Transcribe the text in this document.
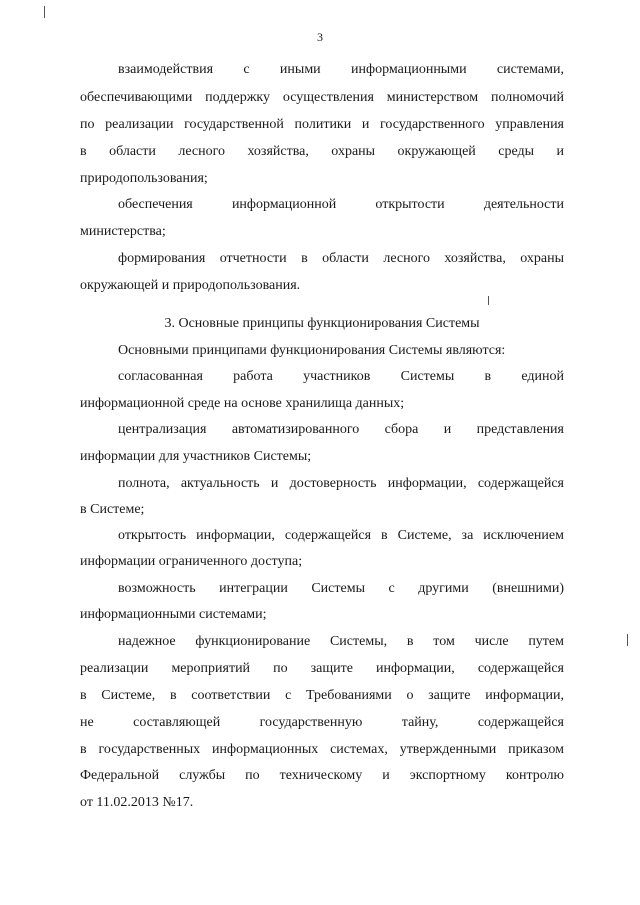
3
взаимодействия с иными информационными системами,
обеспечивающими поддержку осуществления министерством полномочий
по реализации государственной политики и государственного управления
в области лесного хозяйства, охраны окружающей среды и
природопользования;
обеспечения информационной открытости деятельности
министерства;
формирования отчетности в области лесного хозяйства, охраны
окружающей и природопользования.
3. Основные принципы функционирования Системы
Основными принципами функционирования Системы являются:
согласованная работа участников Системы в единой
информационной среде на основе хранилища данных;
централизация автоматизированного сбора и представления
информации для участников Системы;
полнота, актуальность и достоверность информации, содержащейся
в Системе;
открытость информации, содержащейся в Системе, за исключением
информации ограниченного доступа;
возможность интеграции Системы с другими (внешними)
информационными системами;
надежное функционирование Системы, в том числе путем
реализации мероприятий по защите информации, содержащейся
в Системе, в соответствии с Требованиями о защите информации,
не составляющей государственную тайну, содержащейся
в государственных информационных системах, утвержденными приказом
Федеральной службы по техническому и экспортному контролю
от 11.02.2013 №17.
